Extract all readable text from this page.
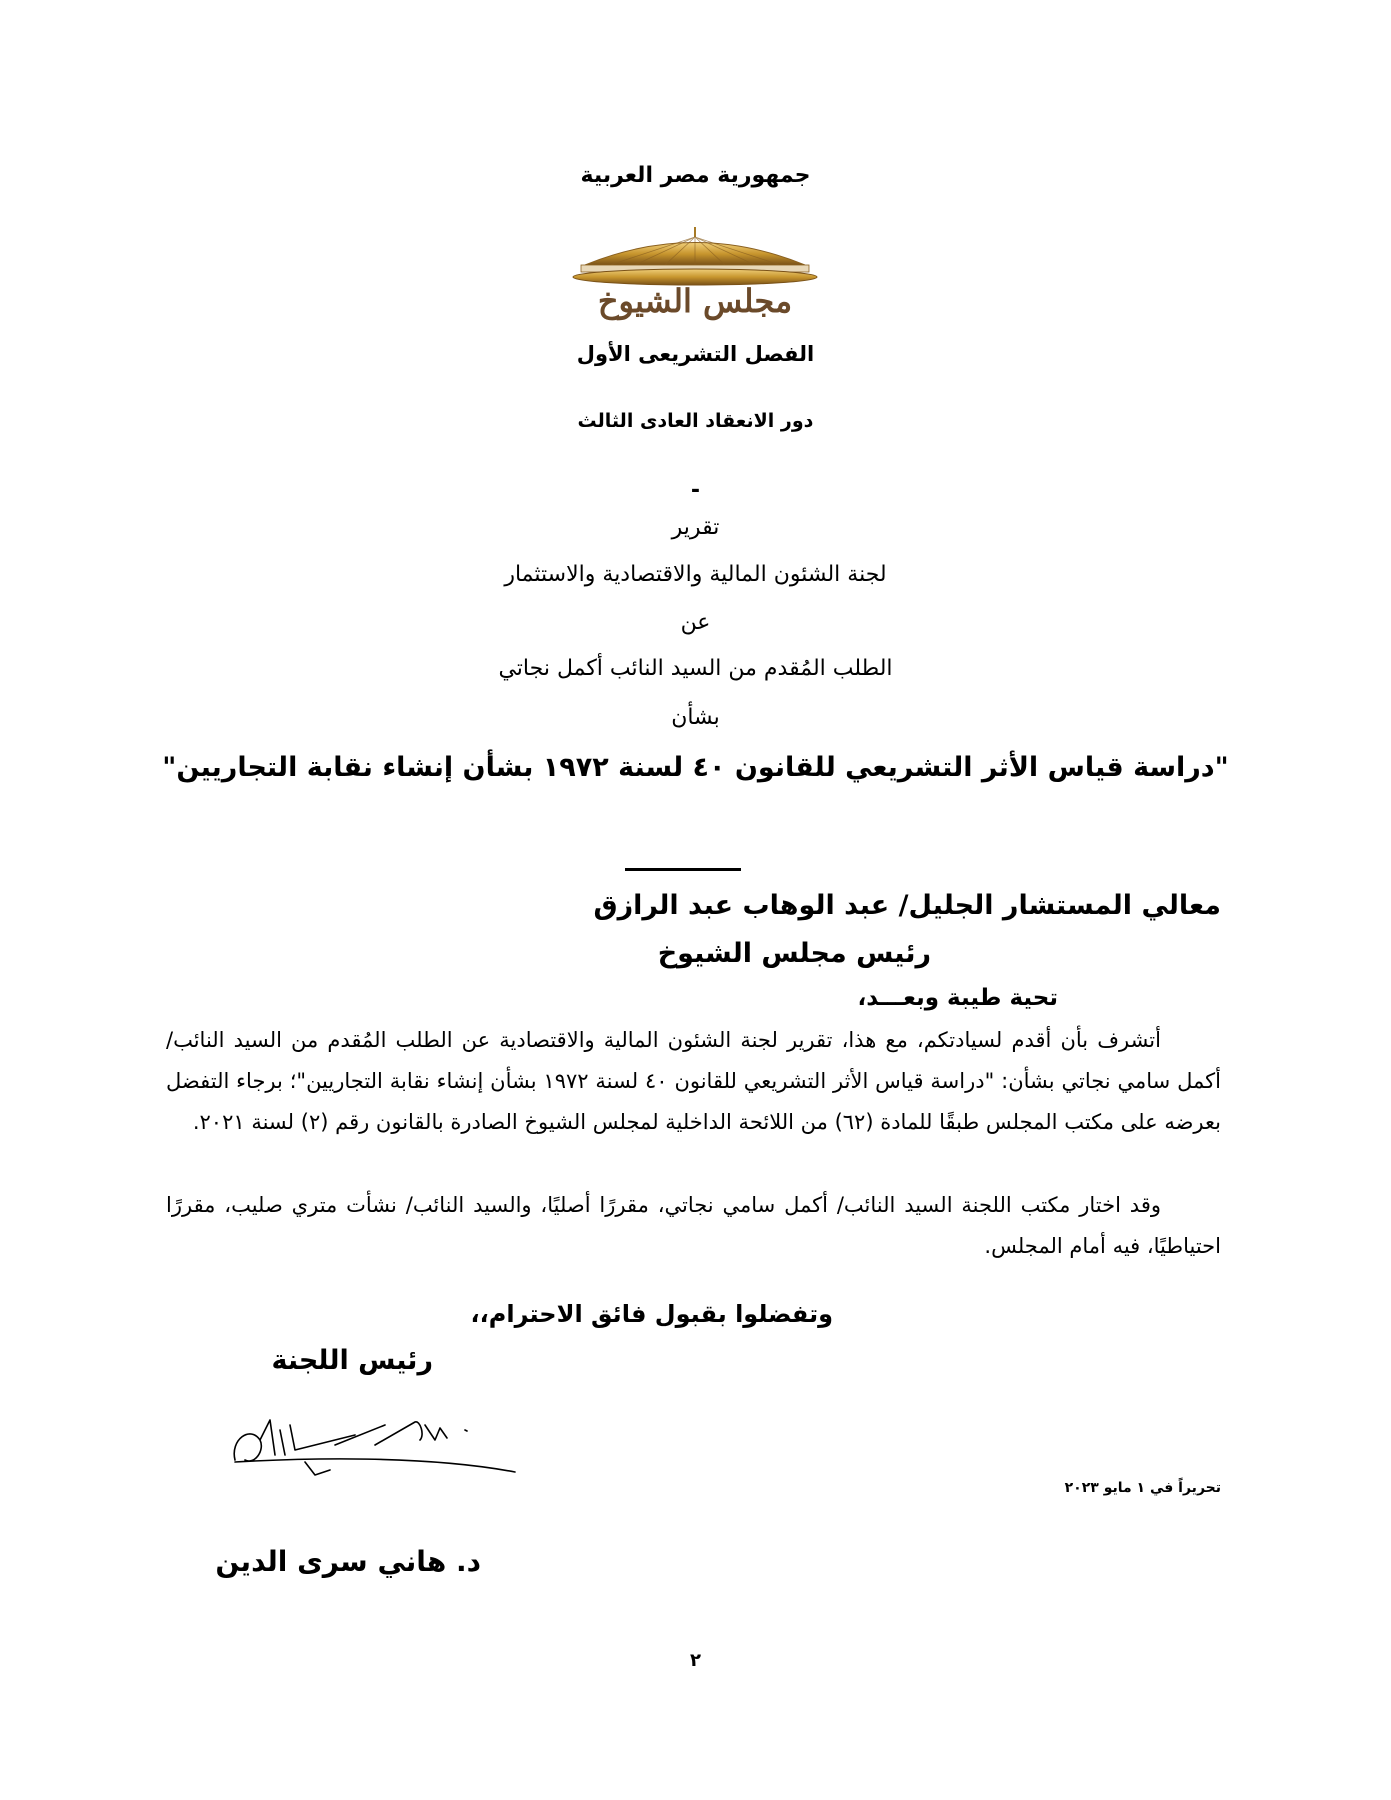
جمهورية مصر العربية
مجلس الشيوخ
الفصل التشريعى الأول
دور الانعقاد العادى الثالث
-
تقرير
لجنة الشئون المالية والاقتصادية والاستثمار
عن
الطلب المُقدم من السيد النائب أكمل نجاتي
بشأن
"دراسة قياس الأثر التشريعي للقانون ٤٠ لسنة ١٩٧٢ بشأن إنشاء نقابة التجاريين"
معالي المستشار الجليل/ عبد الوهاب عبد الرازق
رئيس مجلس الشيوخ
تحية طيبة وبعـــد،
أتشرف بأن أقدم لسيادتكم، مع هذا، تقرير لجنة الشئون المالية والاقتصادية عن الطلب المُقدم من السيد النائب/ أكمل سامي نجاتي بشأن: "دراسة قياس الأثر التشريعي للقانون ٤٠ لسنة ١٩٧٢ بشأن إنشاء نقابة التجاريين"؛ برجاء التفضل بعرضه على مكتب المجلس طبقًا للمادة (٦٢) من اللائحة الداخلية لمجلس الشيوخ الصادرة بالقانون رقم (٢) لسنة ٢٠٢١.
وقد اختار مكتب اللجنة السيد النائب/ أكمل سامي نجاتي، مقررًا أصليًا، والسيد النائب/ نشأت متري صليب، مقررًا احتياطيًا، فيه أمام المجلس.
وتفضلوا بقبول فائق الاحترام،،
رئيس اللجنة
تحريراً في ١ مايو ٢٠٢٣
د. هاني سرى الدين
٢
